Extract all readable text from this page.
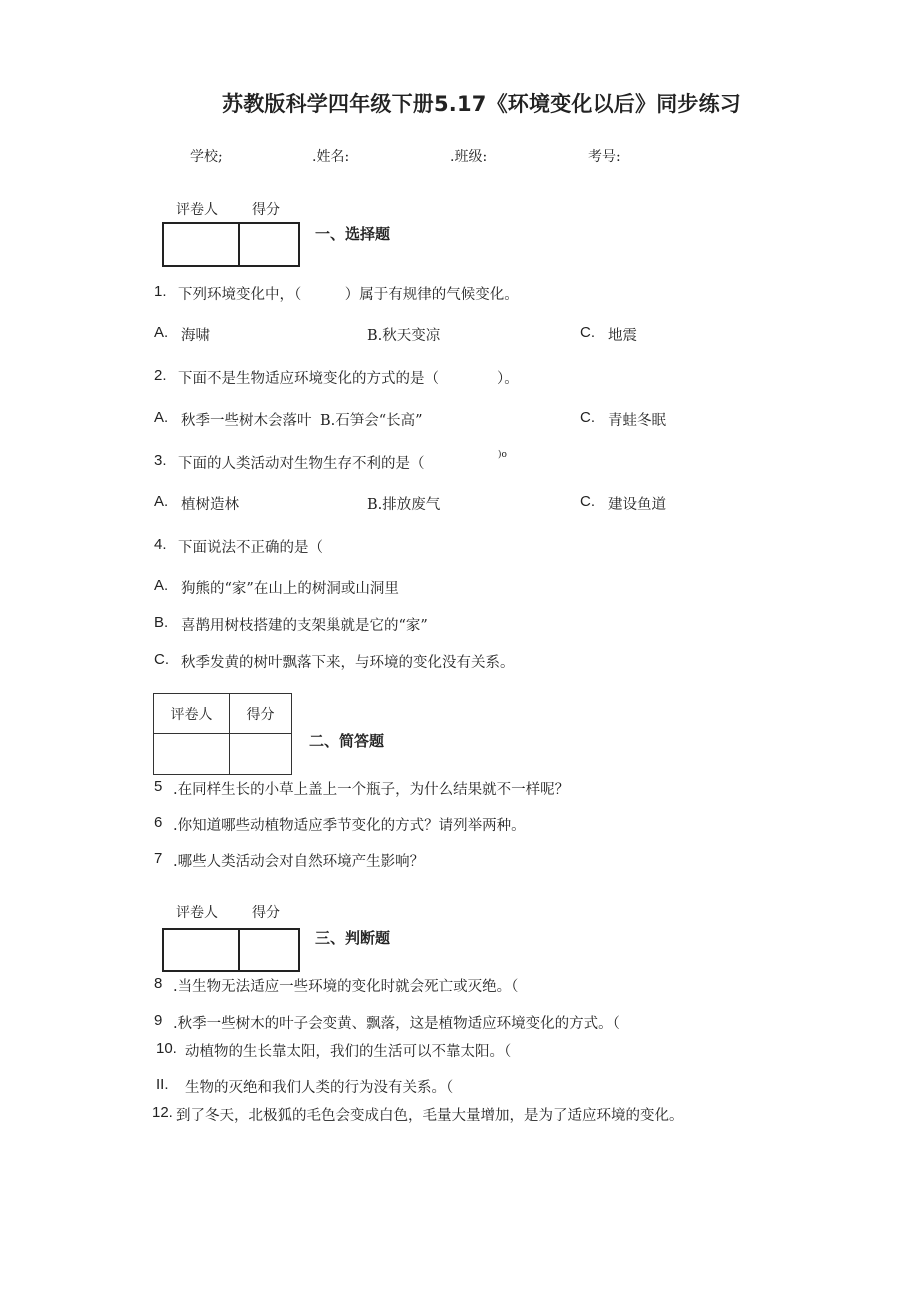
苏教版科学四年级下册5.17《环境变化以后》同步练习
学校;	.姓名:	.班级:	考号:
评卷人 得分
一、选择题
1. 下列环境变化中，（　　　）属于有规律的气候变化。
A. 海啸	B.秋天变凉	C. 地震
2. 下面不是生物适应环境变化的方式的是（　　　　）。
A. 秋季一些树木会落叶 B.石笋会“长高”	C. 青蛙冬眠
3. 下面的人类活动对生物生存不利的是（
)o
A. 植树造林	B.排放废气	C. 建设鱼道
4. 下面说法不正确的是（
A. 狗熊的“家”在山上的树洞或山洞里
B. 喜鹊用树枝搭建的支架巢就是它的“家”
C. 秋季发黄的树叶飘落下来，与环境的变化没有关系。
评卷人	得分

二、简答题
5 .在同样生长的小草上盖上一个瓶子，为什么结果就不一样呢？
6 .你知道哪些动植物适应季节变化的方式？请列举两种。
7 .哪些人类活动会对自然环境产生影响？
评卷人 得分
三、判断题
8 .当生物无法适应一些环境的变化时就会死亡或灭绝。（
9 .秋季一些树木的叶子会变黄、飘落，这是植物适应环境变化的方式。（
10. 动植物的生长靠太阳，我们的生活可以不靠太阳。（
II. 生物的灭绝和我们人类的行为没有关系。（
12. 到了冬天，北极狐的毛色会变成白色，毛量大量增加，是为了适应环境的变化。
